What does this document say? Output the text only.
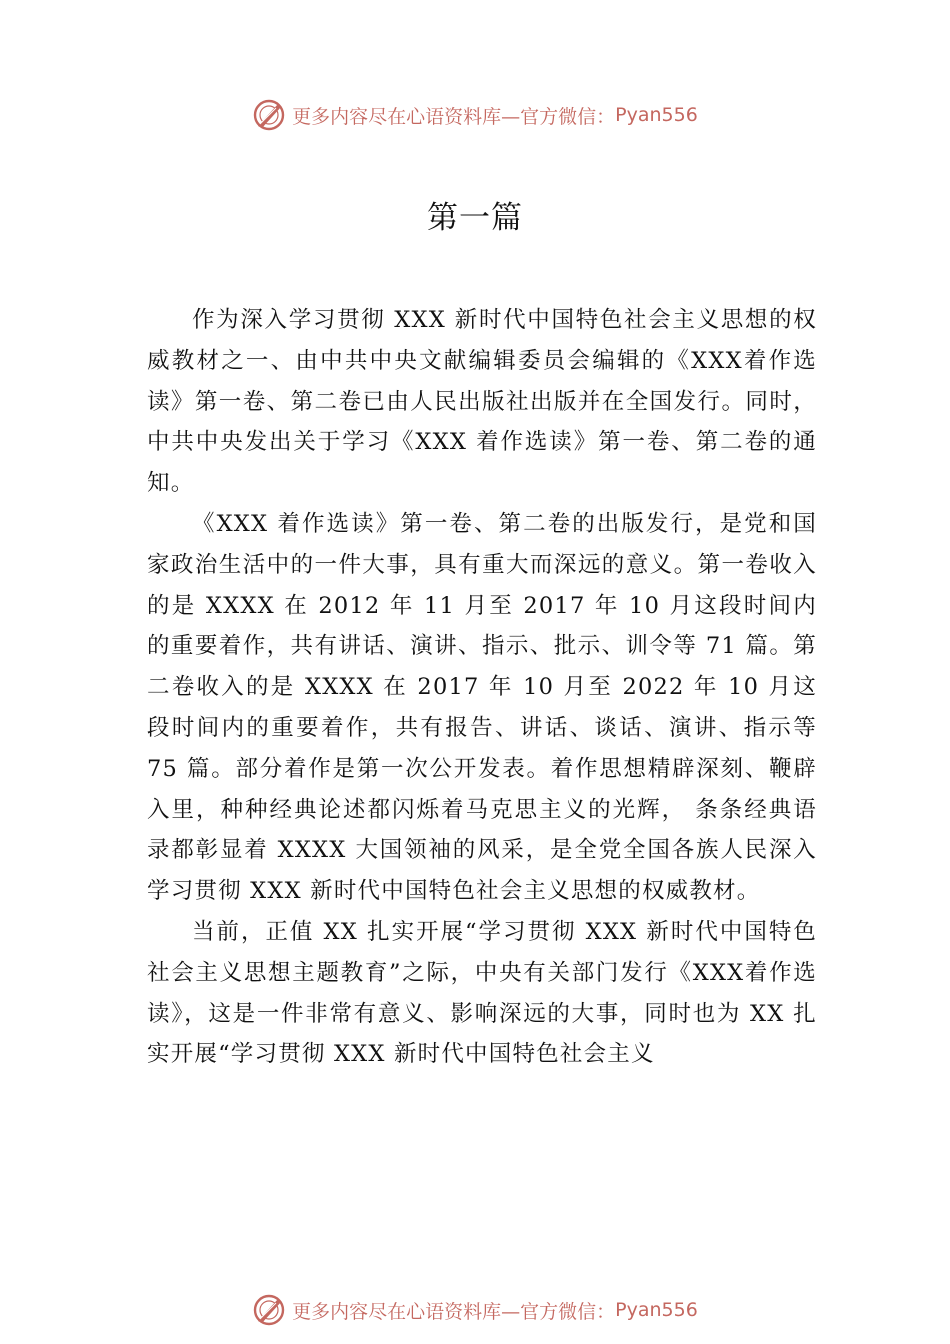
更多内容尽在心语资料库—官方微信： Pyan556
第一篇

作为深入学习贯彻 XXX 新时代中国特色社会主义思想的权威教材之一、由中共中央文献编辑委员会编辑的《XXX着作选读》第一卷、第二卷已由人民出版社出版并在全国发行。同时，中共中央发出关于学习《XXX 着作选读》第一卷、第二卷的通知。

《XXX 着作选读》第一卷、第二卷的出版发行，是党和国家政治生活中的一件大事，具有重大而深远的意义。第一卷收入的是 XXXX 在 2012 年 11 月至 2017 年 10 月这段时间内的重要着作，共有讲话、演讲、指示、批示、训令等 71 篇。第二卷收入的是 XXXX 在 2017 年 10 月至 2022 年 10 月这段时间内的重要着作，共有报告、讲话、谈话、演讲、指示等 75 篇。部分着作是第一次公开发表。着作思想精辟深刻、鞭辟入里，种种经典论述都闪烁着马克思主义的光辉， 条条经典语录都彰显着 XXXX 大国领袖的风采，是全党全国各族人民深入学习贯彻 XXX 新时代中国特色社会主义思想的权威教材。

当前，正值 XX 扎实开展“学习贯彻 XXX 新时代中国特色社会主义思想主题教育”之际，中央有关部门发行《XXX着作选读》，这是一件非常有意义、影响深远的大事，同时也为 XX 扎实开展“学习贯彻 XXX 新时代中国特色社会主义

更多内容尽在心语资料库—官方微信： Pyan556
